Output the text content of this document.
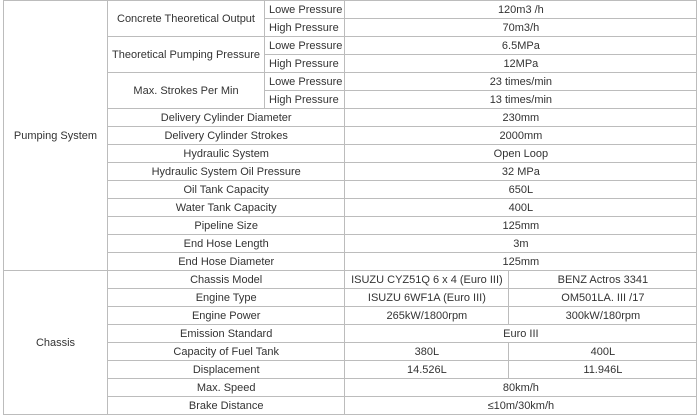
Pumping System	Concrete Theoretical Output	Lowe Pressure	120m3 /h	
		High Pressure	70m3/h	
	Theoretical Pumping Pressure	Lowe Pressure	6.5MPa	
		High Pressure	12MPa	
	Max. Strokes Per Min	Lowe Pressure	23 times/min	
		High Pressure	13 times/min	
	Delivery Cylinder Diameter		230mm	
	Delivery Cylinder Strokes		2000mm	
	Hydraulic System		Open Loop	
	Hydraulic System Oil Pressure		32 MPa	
	Oil Tank Capacity		650L	
	Water Tank Capacity		400L	
	Pipeline Size		125mm	
	End Hose Length		3m	
	End Hose Diameter		125mm	
Chassis	Chassis Model		ISUZU CYZ51Q 6 x 4 (Euro III)	BENZ Actros 3341
	Engine Type		ISUZU 6WF1A (Euro III)	OM501LA. III /17
	Engine Power		265kW/1800rpm	300kW/180rpm
	Emission Standard		Euro III	
	Capacity of Fuel Tank		380L	400L
	Displacement		14.526L	11.946L
	Max. Speed		80km/h	
	Brake Distance		≤10m/30km/h	
